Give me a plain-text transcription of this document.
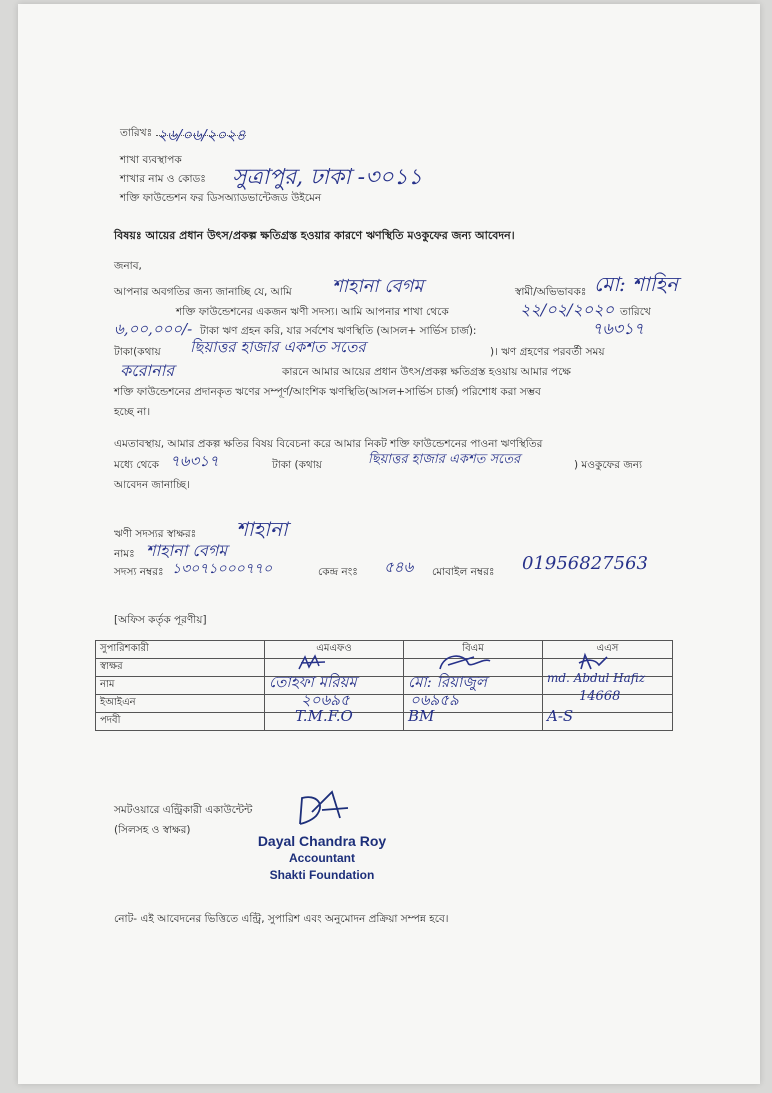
তারিখঃ ২৬/০৬/২০২৪
শাখা ব্যবস্থাপক
শাখার নাম ও কোডঃ সুত্রাপুর, ঢাকা -৩০১১
শক্তি ফাউন্ডেশন ফর ডিসঅ্যাডভান্টেজড উইমেন
বিষয়ঃ আয়ের প্রধান উৎস/প্রকল্প ক্ষতিগ্রস্ত হওয়ার কারণে ঋণস্থিতি মওকুফের জন্য আবেদন।
জনাব,
আপনার অবগতির জন্য জানাচ্ছি যে, আমি শাহানা বেগম	স্বামী/অভিভাবকঃ মো: শাহিন
শক্তি ফাউন্ডেশনের একজন ঋণী সদস্য। আমি আপনার শাখা থেকে	২২/০২/২০২০ তারিখে
৬,০০,০০০/- টাকা ঋণ গ্রহন করি, যার সর্বশেষ ঋণস্থিতি (আসল+ সার্ভিস চার্জ):	৭৬৩১৭
টাকা(কথায় ছিয়াত্তর হাজার একশত সতের	)। ঋণ গ্রহণের পরবর্তী সময়
করোনার	কারনে আমার আয়ের প্রধান উৎস/প্রকল্প ক্ষতিগ্রস্ত হওয়ায় আমার পক্ষে
শক্তি ফাউন্ডেশনের প্রদানকৃত ঋণের সম্পূর্ণ/আংশিক ঋণস্থিতি(আসল+সার্ভিস চার্জ) পরিশোধ করা সম্ভব
হচ্ছে না।
এমতাবস্থায়, আমার প্রকল্প ক্ষতির বিষয় বিবেচনা করে আমার নিকট শক্তি ফাউন্ডেশনের পাওনা ঋণস্থিতির
মধ্যে থেকে ৭৬৩১৭	টাকা (কথায়	ছিয়াত্তর হাজার একশত সতের	) মওকুফের জন্য
আবেদন জানাচ্ছি।
ঋণী সদস্যর স্বাক্ষরঃ শাহানা
নামঃ শাহানা বেগম
সদস্য নম্বরঃ ১৩০৭১০০০৭৭০	কেন্দ্র নংঃ ৫৪৬ মোবাইল নম্বরঃ 01956827563
[অফিস কর্তৃক পূরণীয়]
সুপারিশকারী	এমএফও	বিএম	এএস
স্বাক্ষর	

নাম	তোহফা মরিয়ম	মো: রিয়াজুল	md. Abdul Hafiz

ইআইএন	২০৬৯৫	০৬৯৫৯	14668

পদবী	T.M.F.O	BM	A-S
সমটওয়ারে এন্ট্রিকারী একাউন্টেন্ট
(সিলসহ ও স্বাক্ষর)
Dayal Chandra Roy
Accountant
Shakti Foundation
নোট- এই আবেদনের ভিত্তিতে এন্ট্রি, সুপারিশ এবং অনুমোদন প্রক্রিয়া সম্পন্ন হবে।
